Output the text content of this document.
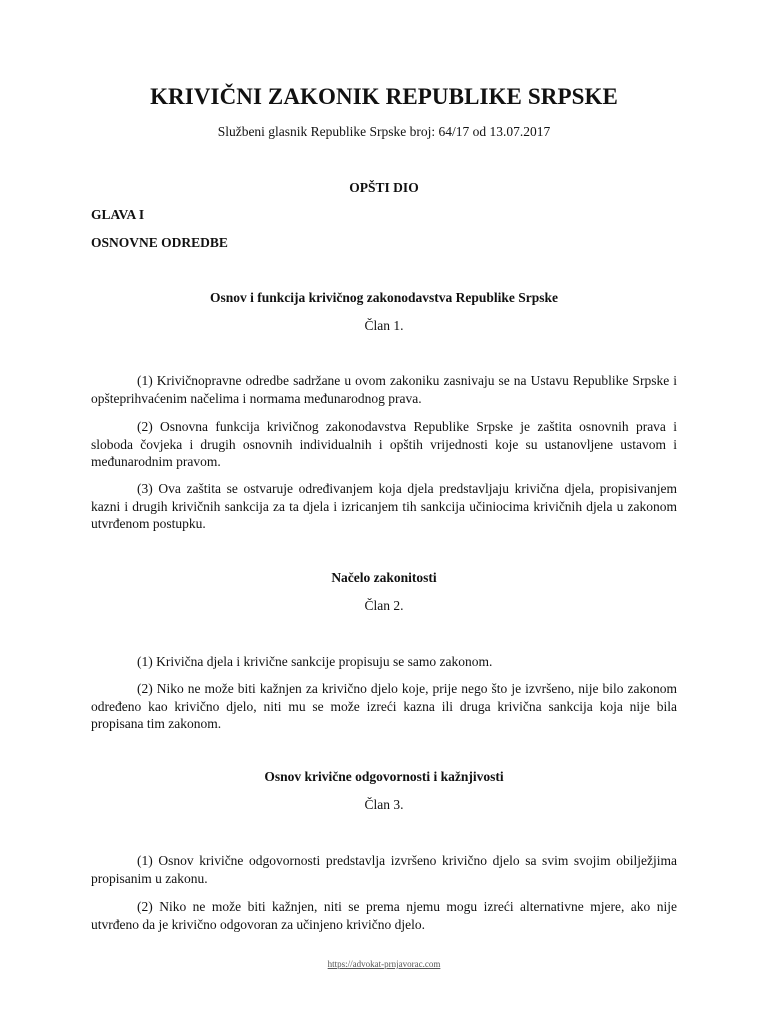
KRIVIČNI ZAKONIK REPUBLIKE SRPSKE
Službeni glasnik Republike Srpske broj: 64/17 od 13.07.2017
OPŠTI DIO
GLAVA I
OSNOVNE ODREDBE
Osnov i funkcija krivičnog zakonodavstva Republike Srpske
Član 1.
(1) Krivičnopravne odredbe sadržane u ovom zakoniku zasnivaju se na Ustavu Republike Srpske i opšteprihvaćenim načelima i normama međunarodnog prava.
(2) Osnovna funkcija krivičnog zakonodavstva Republike Srpske je zaštita osnovnih prava i sloboda čovjeka i drugih osnovnih individualnih i opštih vrijednosti koje su ustanovljene ustavom i međunarodnim pravom.
(3) Ova zaštita se ostvaruje određivanjem koja djela predstavljaju krivična djela, propisivanjem kazni i drugih krivičnih sankcija za ta djela i izricanjem tih sankcija učiniocima krivičnih djela u zakonom utvrđenom postupku.
Načelo zakonitosti
Član 2.
(1) Krivična djela i krivične sankcije propisuju se samo zakonom.
(2) Niko ne može biti kažnjen za krivično djelo koje, prije nego što je izvršeno, nije bilo zakonom određeno kao krivično djelo, niti mu se može izreći kazna ili druga krivična sankcija koja nije bila propisana tim zakonom.
Osnov krivične odgovornosti i kažnjivosti
Član 3.
(1) Osnov krivične odgovornosti predstavlja izvršeno krivično djelo sa svim svojim obilježjima propisanim u zakonu.
(2) Niko ne može biti kažnjen, niti se prema njemu mogu izreći alternativne mjere, ako nije utvrđeno da je krivično odgovoran za učinjeno krivično djelo.
https://advokat-prnjavorac.com
